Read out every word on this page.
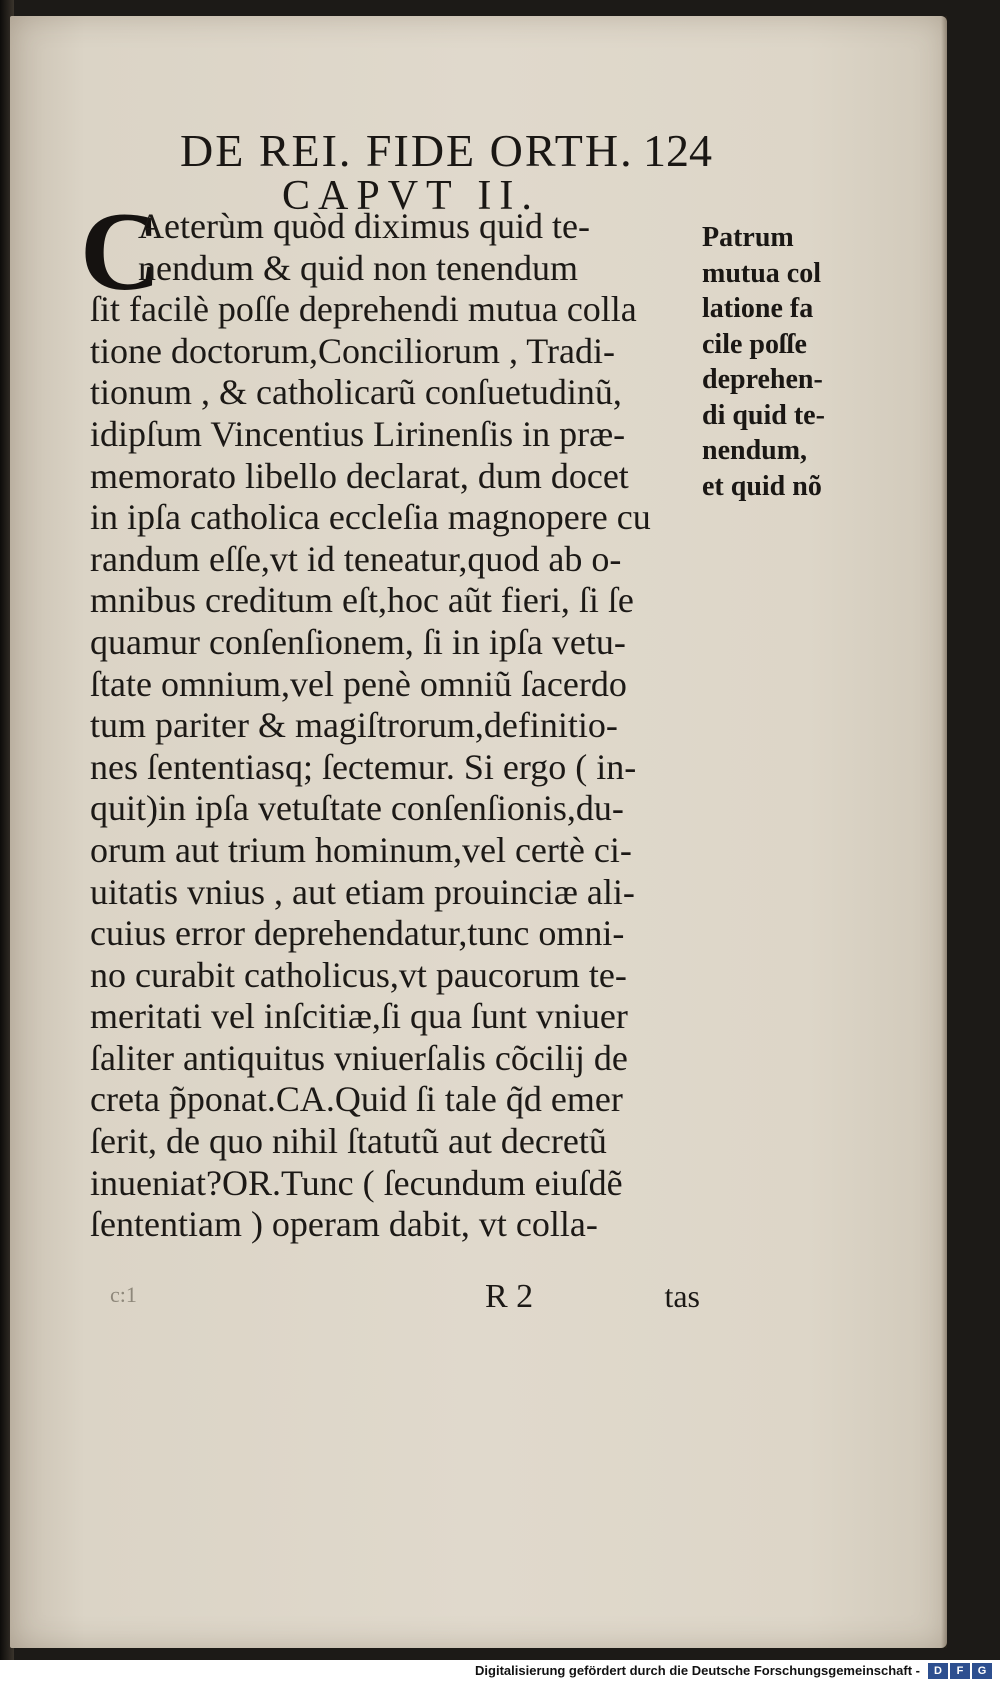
DE REI. FIDE ORTH. 124
CAPVT II.
C
Aeterùm quòd diximus quid te-
nendum & quid non tenendum
ſit facilè poſſe deprehendi mutua colla
tione doctorum,Conciliorum , Tradi-
tionum , & catholicarũ conſuetudinũ,
idipſum Vincentius Lirinenſis in præ-
memorato libello declarat, dum docet
in ipſa catholica eccleſia magnopere cu
randum eſſe,vt id teneatur,quod ab o-
mnibus creditum eſt,hoc aũt fieri, ſi ſe
quamur conſenſionem, ſi in ipſa vetu-
ſtate omnium,vel penè omniũ ſacerdo
tum pariter & magiſtrorum,definitio-
nes ſententiasq; ſectemur. Si ergo ( in-
quit)in ipſa vetuſtate conſenſionis,du-
orum aut trium hominum,vel certè ci-
uitatis vnius , aut etiam prouinciæ ali-
cuius error deprehendatur,tunc omni-
no curabit catholicus,vt paucorum te-
meritati vel inſcitiæ,ſi qua ſunt vniuer
ſaliter antiquitus vniuerſalis cõcilij de
creta p̃ponat.CA.Quid ſi tale q̃d emer
ſerit, de quo nihil ſtatutũ aut decretũ
inueniat?OR.Tunc ( ſecundum eiuſdẽ
ſententiam ) operam dabit, vt colla-
Patrum
mutua col
latione fa
cile poſſe
deprehen-
di quid te-
nendum,
et quid nõ
c:1	R 2	tas
Digitalisierung gefördert durch die Deutsche Forschungsgemeinschaft -	D	F	G
